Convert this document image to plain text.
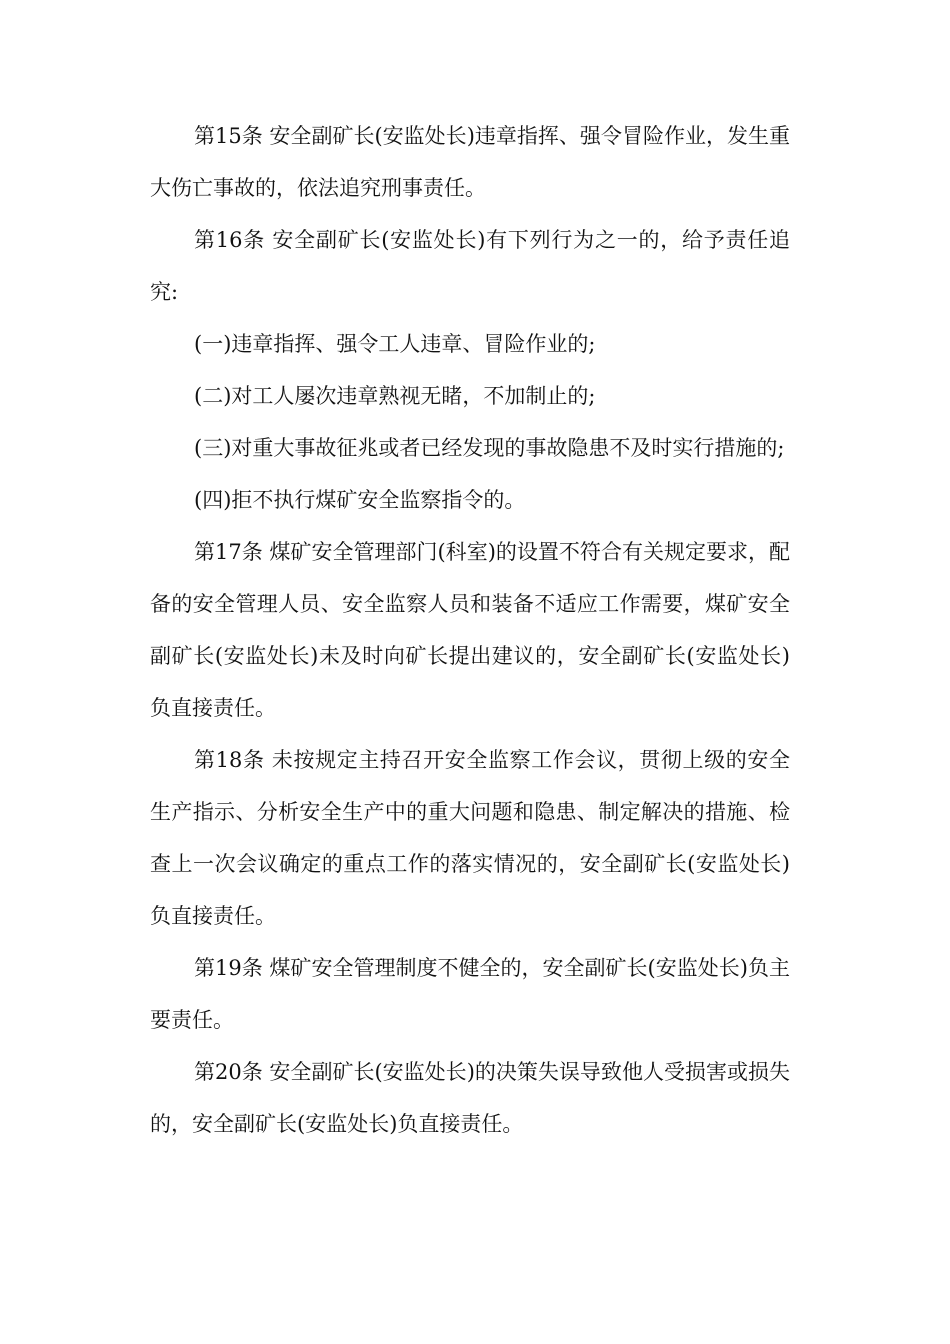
第15条 安全副矿长(安监处长)违章指挥、强令冒险作业，发生重大伤亡事故的，依法追究刑事责任。

第16条 安全副矿长(安监处长)有下列行为之一的，给予责任追究:

(一)违章指挥、强令工人违章、冒险作业的;

(二)对工人屡次违章熟视无睹，不加制止的;

(三)对重大事故征兆或者已经发现的事故隐患不及时实行措施的;

(四)拒不执行煤矿安全监察指令的。

第17条 煤矿安全管理部门(科室)的设置不符合有关规定要求，配备的安全管理人员、安全监察人员和装备不适应工作需要，煤矿安全副矿长(安监处长)未及时向矿长提出建议的，安全副矿长(安监处长)负直接责任。

第18条 未按规定主持召开安全监察工作会议，贯彻上级的安全生产指示、分析安全生产中的重大问题和隐患、制定解决的措施、检查上一次会议确定的重点工作的落实情况的，安全副矿长(安监处长)负直接责任。

第19条 煤矿安全管理制度不健全的，安全副矿长(安监处长)负主要责任。

第20条 安全副矿长(安监处长)的决策失误导致他人受损害或损失的，安全副矿长(安监处长)负直接责任。
